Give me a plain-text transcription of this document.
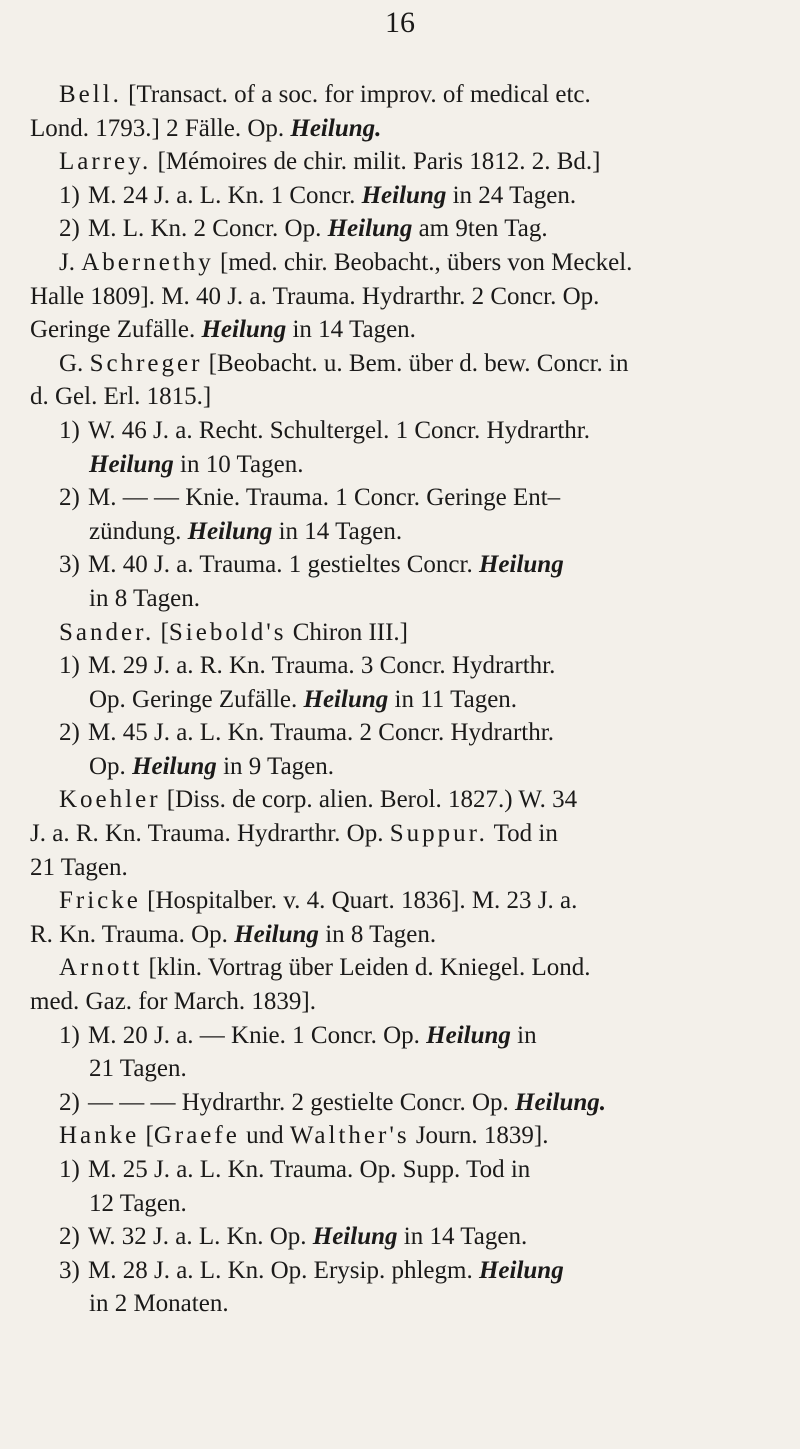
16
Bell. [Transact. of a soc. for improv. of medical etc.
Lond. 1793.] 2 Fälle. Op. Heilung.
Larrey. [Mémoires de chir. milit. Paris 1812. 2. Bd.]
1) M. 24 J. a. L. Kn. 1 Concr. Heilung in 24 Tagen.
2) M. L. Kn. 2 Concr. Op. Heilung am 9ten Tag.
J. Abernethy [med. chir. Beobacht., übers von Meckel.
Halle 1809]. M. 40 J. a. Trauma. Hydrarthr. 2 Concr. Op.
Geringe Zufälle. Heilung in 14 Tagen.
G. Schreger [Beobacht. u. Bem. über d. bew. Concr. in
d. Gel. Erl. 1815.]
1) W. 46 J. a. Recht. Schultergel. 1 Concr. Hydrarthr.
Heilung in 10 Tagen.
2) M. — — Knie. Trauma. 1 Concr. Geringe Ent–
zündung. Heilung in 14 Tagen.
3) M. 40 J. a. Trauma. 1 gestieltes Concr. Heilung
in 8 Tagen.
Sander. [Siebold's Chiron III.]
1) M. 29 J. a. R. Kn. Trauma. 3 Concr. Hydrarthr.
Op. Geringe Zufälle. Heilung in 11 Tagen.
2) M. 45 J. a. L. Kn. Trauma. 2 Concr. Hydrarthr.
Op. Heilung in 9 Tagen.
Koehler [Diss. de corp. alien. Berol. 1827.) W. 34
J. a. R. Kn. Trauma. Hydrarthr. Op. Suppur. Tod in
21 Tagen.
Fricke [Hospitalber. v. 4. Quart. 1836]. M. 23 J. a.
R. Kn. Trauma. Op. Heilung in 8 Tagen.
Arnott [klin. Vortrag über Leiden d. Kniegel. Lond.
med. Gaz. for March. 1839].
1) M. 20 J. a. — Knie. 1 Concr. Op. Heilung in
21 Tagen.
2) — — — Hydrarthr. 2 gestielte Concr. Op. Heilung.
Hanke [Graefe und Walther's Journ. 1839].
1) M. 25 J. a. L. Kn. Trauma. Op. Supp. Tod in
12 Tagen.
2) W. 32 J. a. L. Kn. Op. Heilung in 14 Tagen.
3) M. 28 J. a. L. Kn. Op. Erysip. phlegm. Heilung
in 2 Monaten.
